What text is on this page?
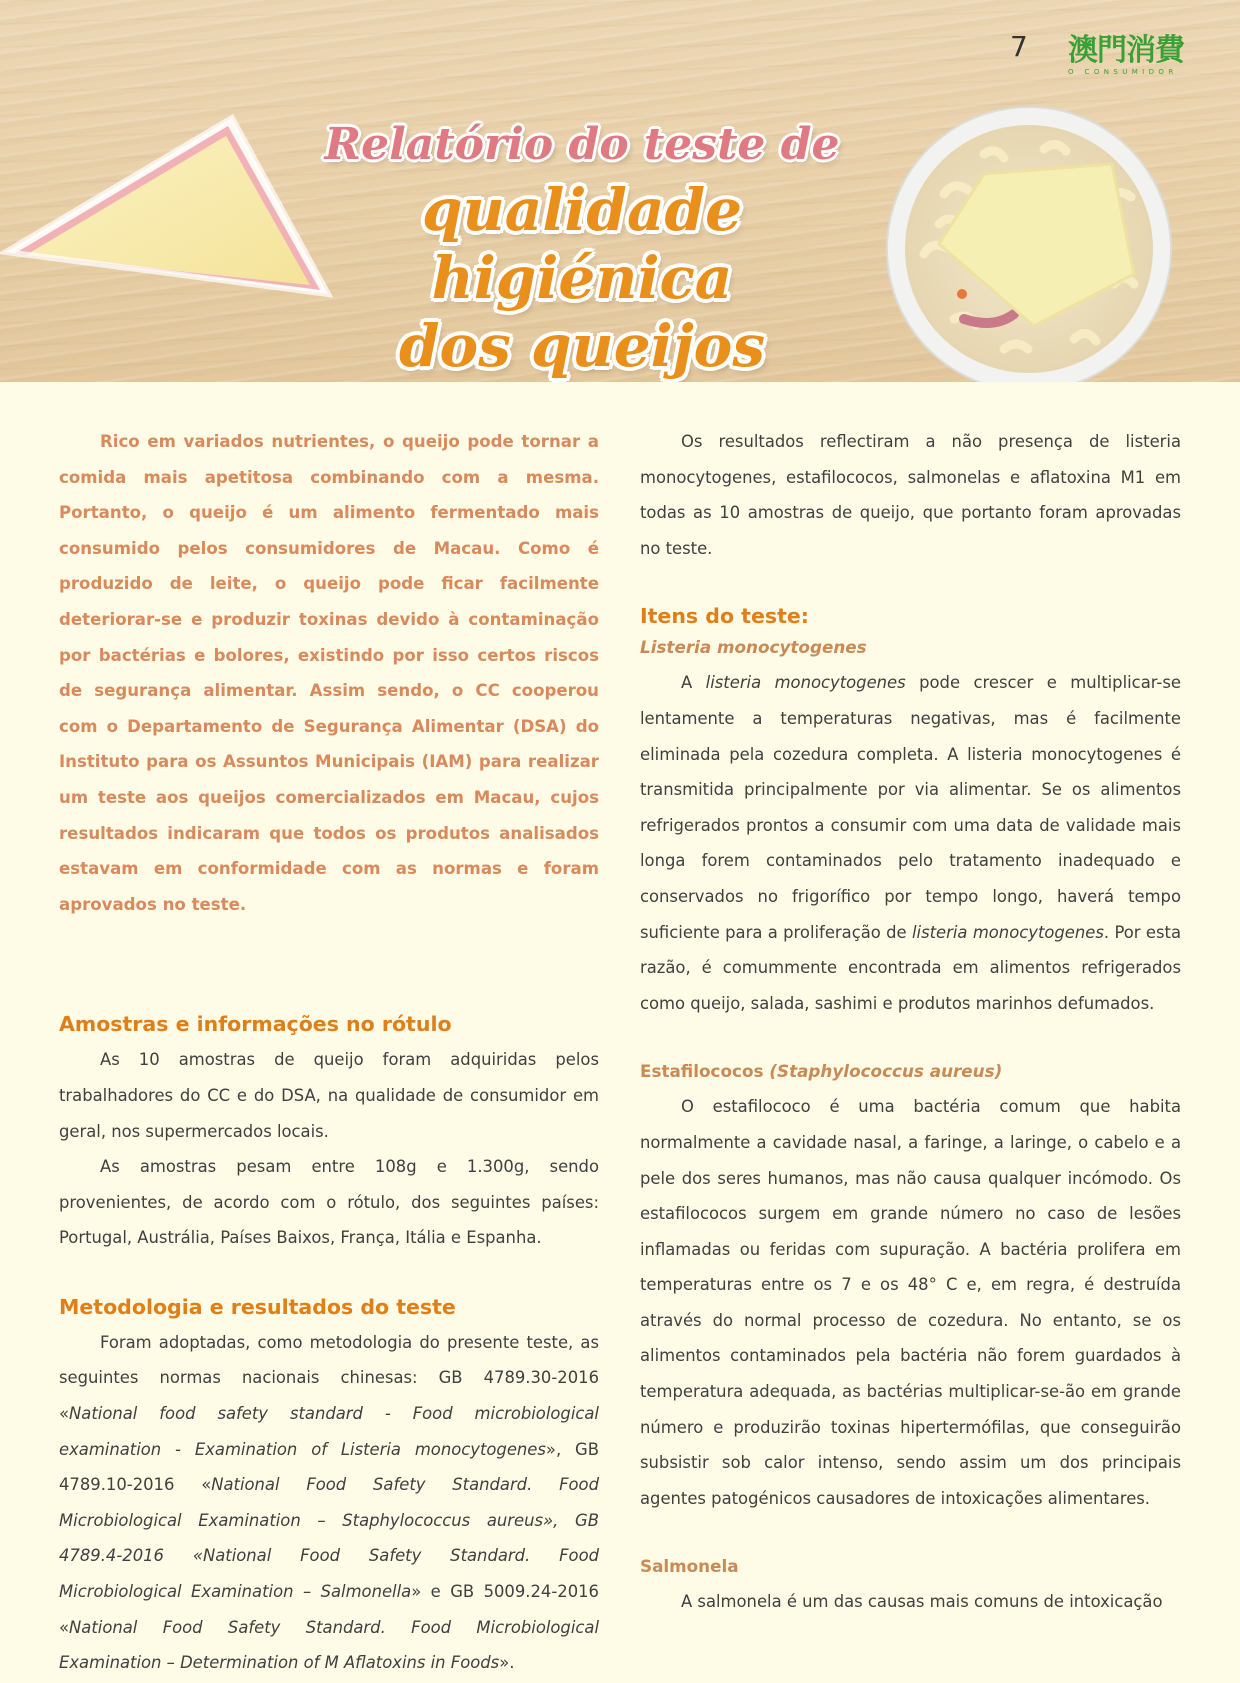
7 澳門消費
O CONSUMIDOR
Relatório do teste de
qualidade higiénica
dos queijos

Rico em variados nutrientes, o queijo pode tornar a comida mais apetitosa combinando com a mesma. Portanto, o queijo é um alimento fermentado mais consumido pelos consumidores de Macau. Como é produzido de leite, o queijo pode ficar facilmente deteriorar-se e produzir toxinas devido à contaminação por bactérias e bolores, existindo por isso certos riscos de segurança alimentar. Assim sendo, o CC cooperou com o Departamento de Segurança Alimentar (DSA) do Instituto para os Assuntos Municipais (IAM) para realizar um teste aos queijos comercializados em Macau, cujos resultados indicaram que todos os produtos analisados estavam em conformidade com as normas e foram aprovados no teste.

Amostras e informações no rótulo

As 10 amostras de queijo foram adquiridas pelos trabalhadores do CC e do DSA, na qualidade de consumidor em geral, nos supermercados locais.

As amostras pesam entre 108g e 1.300g, sendo provenientes, de acordo com o rótulo, dos seguintes países: Portugal, Austrália, Países Baixos, França, Itália e Espanha.

Metodologia e resultados do teste

Foram adoptadas, como metodologia do presente teste, as seguintes normas nacionais chinesas: GB 4789.30-2016 «National food safety standard - Food microbiological examination - Examination of Listeria monocytogenes», GB 4789.10-2016 «National Food Safety Standard. Food Microbiological Examination – Staphylococcus aureus», GB 4789.4-2016 «National Food Safety Standard. Food Microbiological Examination – Salmonella» e GB 5009.24-2016 «National Food Safety Standard. Food Microbiological Examination – Determination of M Aflatoxins in Foods».

Os resultados reflectiram a não presença de listeria monocytogenes, estafilococos, salmonelas e aflatoxina M1 em todas as 10 amostras de queijo, que portanto foram aprovadas no teste.

Itens do teste:
Listeria monocytogenes

A listeria monocytogenes pode crescer e multiplicar-se lentamente a temperaturas negativas, mas é facilmente eliminada pela cozedura completa. A listeria monocytogenes é transmitida principalmente por via alimentar. Se os alimentos refrigerados prontos a consumir com uma data de validade mais longa forem contaminados pelo tratamento inadequado e conservados no frigorífico por tempo longo, haverá tempo suficiente para a proliferação de listeria monocytogenes. Por esta razão, é comummente encontrada em alimentos refrigerados como queijo, salada, sashimi e produtos marinhos defumados.

Estafilococos (Staphylococcus aureus)

O estafilococo é uma bactéria comum que habita normalmente a cavidade nasal, a faringe, a laringe, o cabelo e a pele dos seres humanos, mas não causa qualquer incómodo. Os estafilococos surgem em grande número no caso de lesões inflamadas ou feridas com supuração. A bactéria prolifera em temperaturas entre os 7 e os 48° C e, em regra, é destruída através do normal processo de cozedura. No entanto, se os alimentos contaminados pela bactéria não forem guardados à temperatura adequada, as bactérias multiplicar-se-ão em grande número e produzirão toxinas hipertermófilas, que conseguirão subsistir sob calor intenso, sendo assim um dos principais agentes patogénicos causadores de intoxicações alimentares.

Salmonela

A salmonela é um das causas mais comuns de intoxicação
